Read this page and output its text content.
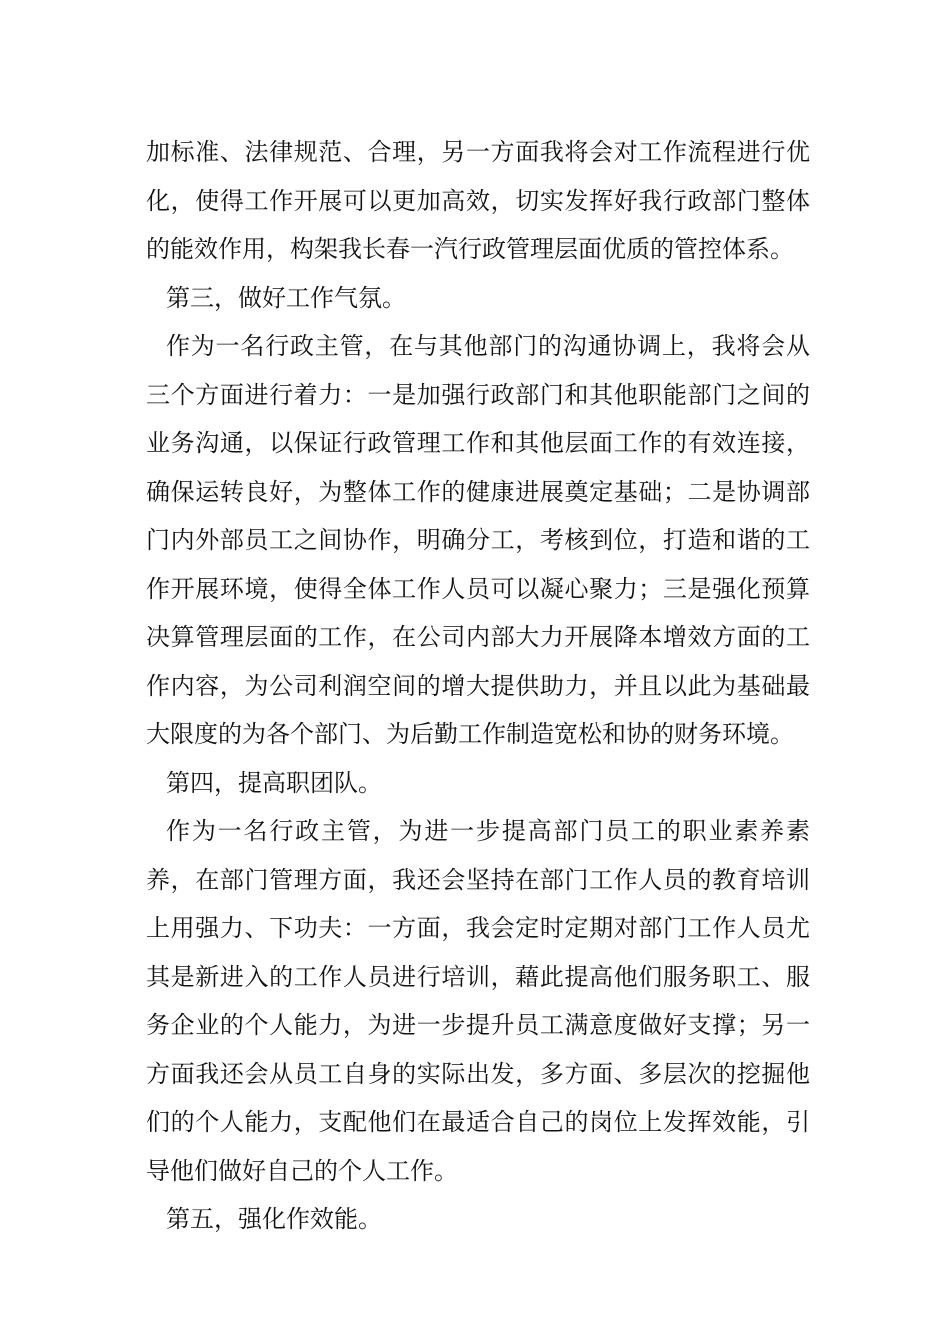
加标准、法律规范、合理，另一方面我将会对工作流程进行优化，使得工作开展可以更加高效，切实发挥好我行政部门整体的能效作用，构架我长春一汽行政管理层面优质的管控体系。

第三，做好工作气氛。

作为一名行政主管，在与其他部门的沟通协调上，我将会从三个方面进行着力：一是加强行政部门和其他职能部门之间的业务沟通，以保证行政管理工作和其他层面工作的有效连接，确保运转良好，为整体工作的健康进展奠定基础；二是协调部门内外部员工之间协作，明确分工，考核到位，打造和谐的工作开展环境，使得全体工作人员可以凝心聚力；三是强化预算决算管理层面的工作，在公司内部大力开展降本增效方面的工作内容，为公司利润空间的增大提供助力，并且以此为基础最大限度的为各个部门、为后勤工作制造宽松和协的财务环境。

第四，提高职团队。

作为一名行政主管，为进一步提高部门员工的职业素养素养，在部门管理方面，我还会坚持在部门工作人员的教育培训上用强力、下功夫：一方面，我会定时定期对部门工作人员尤其是新进入的工作人员进行培训，藉此提高他们服务职工、服务企业的个人能力，为进一步提升员工满意度做好支撑；另一方面我还会从员工自身的实际出发，多方面、多层次的挖掘他们的个人能力，支配他们在最适合自己的岗位上发挥效能，引导他们做好自己的个人工作。

第五，强化作效能。
